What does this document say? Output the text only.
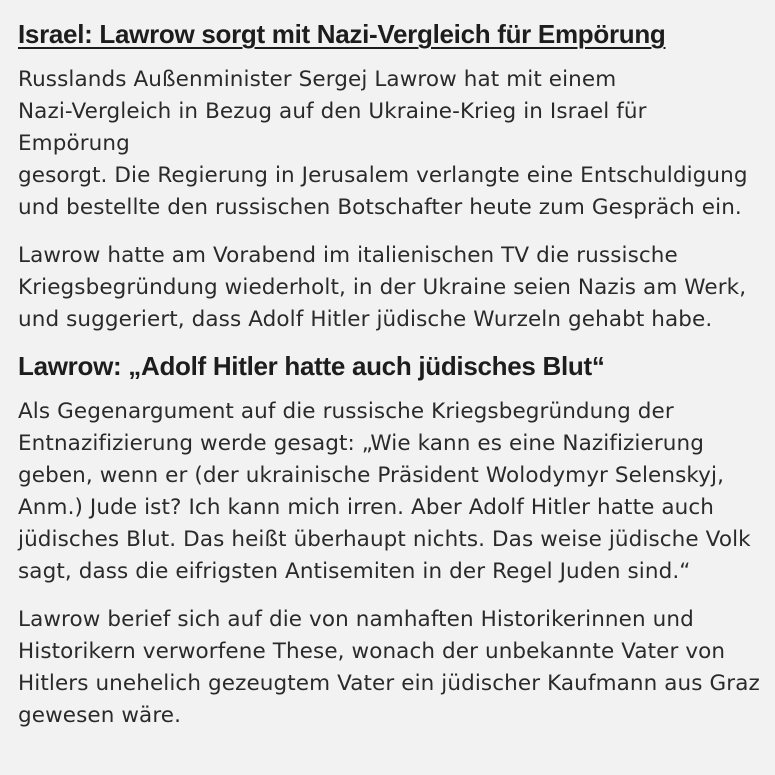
Israel: Lawrow sorgt mit Nazi-Vergleich für Empörung

Russlands Außenminister Sergej Lawrow hat mit einem
Nazi-Vergleich in Bezug auf den Ukraine-Krieg in Israel für Empörung
gesorgt. Die Regierung in Jerusalem verlangte eine Entschuldigung
und bestellte den russischen Botschafter heute zum Gespräch ein.

Lawrow hatte am Vorabend im italienischen TV die russische
Kriegsbegründung wiederholt, in der Ukraine seien Nazis am Werk,
und suggeriert, dass Adolf Hitler jüdische Wurzeln gehabt habe.

Lawrow: „Adolf Hitler hatte auch jüdisches Blut“

Als Gegenargument auf die russische Kriegsbegründung der
Entnazifizierung werde gesagt: „Wie kann es eine Nazifizierung
geben, wenn er (der ukrainische Präsident Wolodymyr Selenskyj,
Anm.) Jude ist? Ich kann mich irren. Aber Adolf Hitler hatte auch
jüdisches Blut. Das heißt überhaupt nichts. Das weise jüdische Volk
sagt, dass die eifrigsten Antisemiten in der Regel Juden sind.“

Lawrow berief sich auf die von namhaften Historikerinnen und
Historikern verworfene These, wonach der unbekannte Vater von
Hitlers unehelich gezeugtem Vater ein jüdischer Kaufmann aus Graz
gewesen wäre.
